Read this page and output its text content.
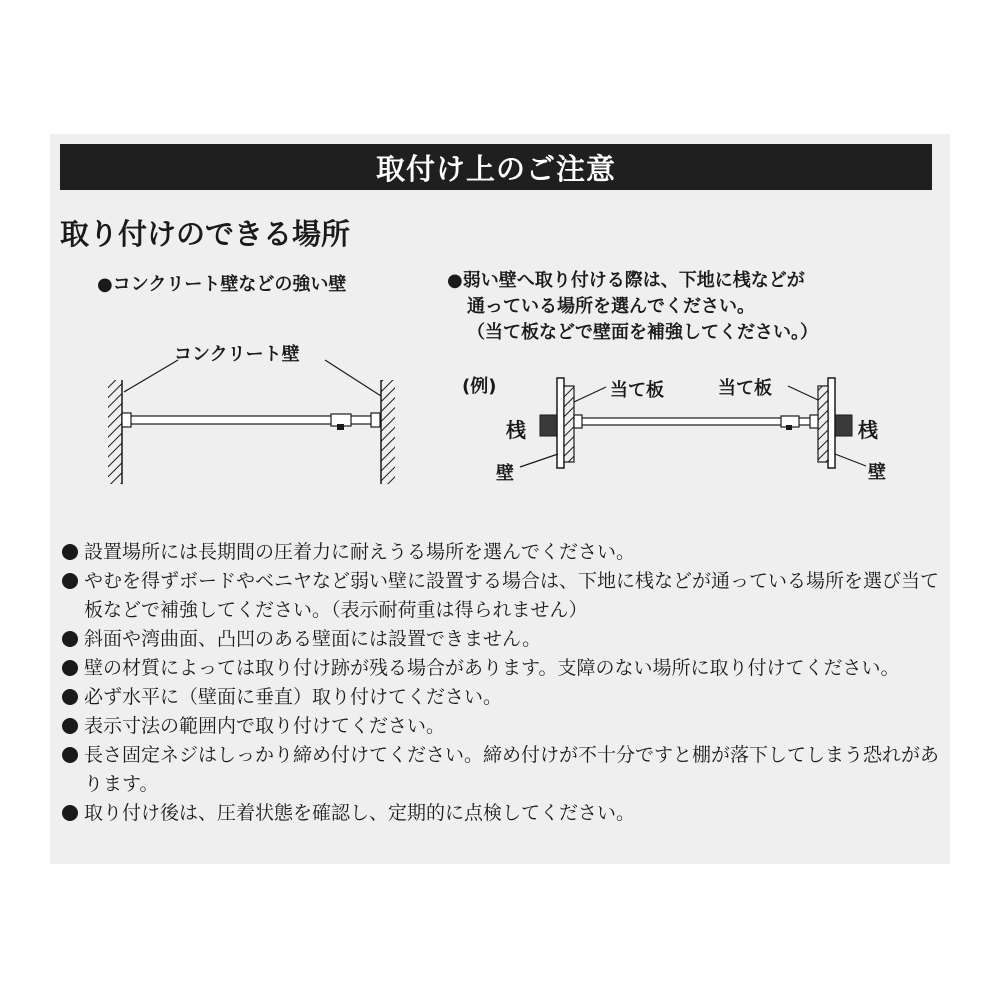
取付け上のご注意
取り付けのできる場所
●コンクリート壁などの強い壁	●弱い壁へ取り付ける際は、下地に桟などが
通っている場所を選んでください。
（当て板などで壁面を補強してください。）
コンクリート壁
(例)	当て板	当て板
桟	桟
壁	壁
設置場所には長期間の圧着力に耐えうる場所を選んでください。
やむを得ずボードやベニヤなど弱い壁に設置する場合は、下地に桟などが通っている場所を選び当て板などで補強してください。（表示耐荷重は得られません）
斜面や湾曲面、凸凹のある壁面には設置できません。
壁の材質によっては取り付け跡が残る場合があります。支障のない場所に取り付けてください。
必ず水平に（壁面に垂直）取り付けてください。
表示寸法の範囲内で取り付けてください。
長さ固定ネジはしっかり締め付けてください。締め付けが不十分ですと棚が落下してしまう恐れがあります。
取り付け後は、圧着状態を確認し、定期的に点検してください。
